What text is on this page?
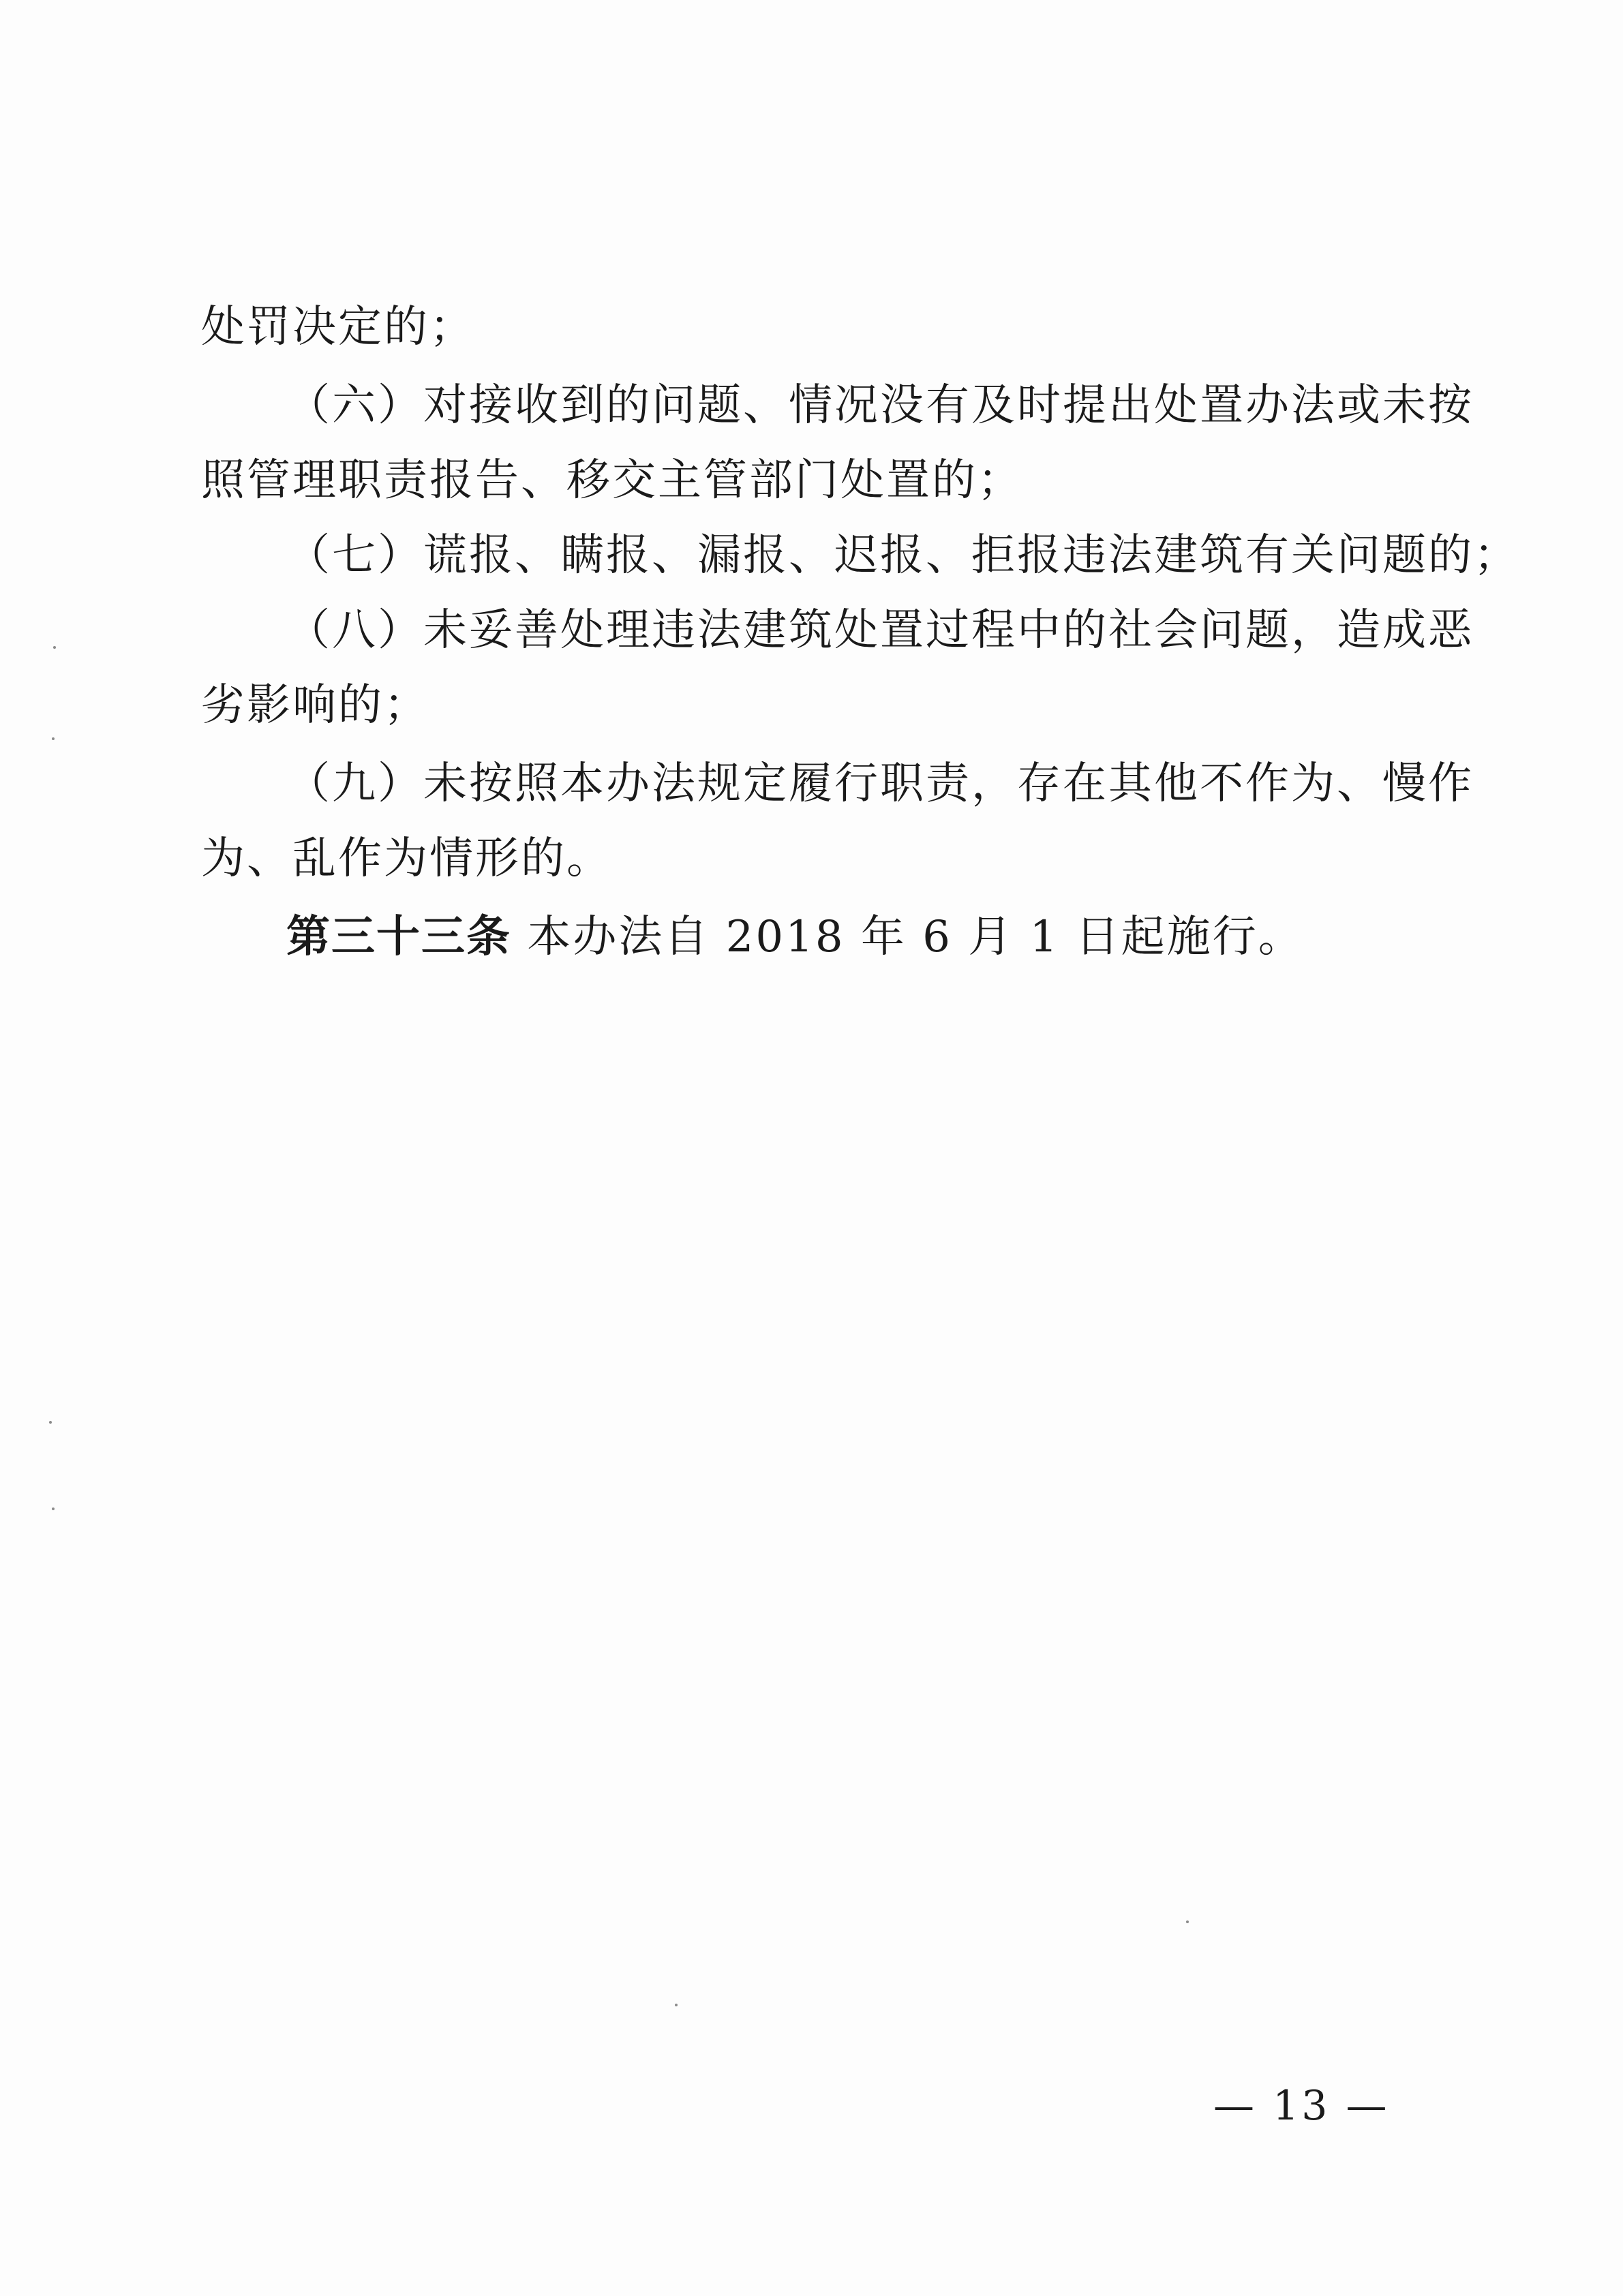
处罚决定的；
（六）对接收到的问题、情况没有及时提出处置办法或未按
照管理职责报告、移交主管部门处置的；
（七）谎报、瞒报、漏报、迟报、拒报违法建筑有关问题的；
（八）未妥善处理违法建筑处置过程中的社会问题，造成恶
劣影响的；
（九）未按照本办法规定履行职责，存在其他不作为、慢作
为、乱作为情形的。
第三十三条 本办法自 2018 年 6 月 1 日起施行。
— 13 —
